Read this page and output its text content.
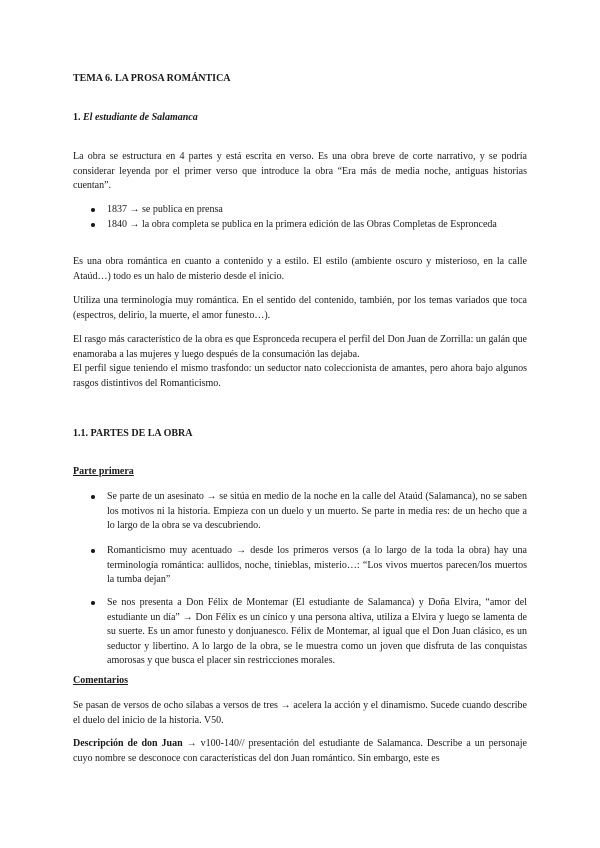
TEMA 6. LA PROSA ROMÁNTICA

1. El estudiante de Salamanca

La obra se estructura en 4 partes y está escrita en verso. Es una obra breve de corte narrativo, y se podría considerar leyenda por el primer verso que introduce la obra “Era más de media noche, antiguas historias cuentan”.

1837 → se publica en prensa
1840 → la obra completa se publica en la primera edición de las Obras Completas de Espronceda

Es una obra romántica en cuanto a contenido y a estilo. El estilo (ambiente oscuro y misterioso, en la calle Ataúd…) todo es un halo de misterio desde el inicio.

Utiliza una terminología muy romántica. En el sentido del contenido, también, por los temas variados que toca (espectros, delirio, la muerte, el amor funesto…).

El rasgo más característico de la obra es que Espronceda recupera el perfil del Don Juan de Zorrilla: un galán que enamoraba a las mujeres y luego después de la consumación las dejaba.

El perfil sigue teniendo el mismo trasfondo: un seductor nato coleccionista de amantes, pero ahora bajo algunos rasgos distintivos del Romanticismo.

1.1. PARTES DE LA OBRA

Parte primera

Se parte de un asesinato → se sitúa en medio de la noche en la calle del Ataúd (Salamanca), no se saben los motivos ni la historia. Empieza con un duelo y un muerto. Se parte in media res: de un hecho que a lo largo de la obra se va descubriendo.
Romanticismo muy acentuado → desde los primeros versos (a lo largo de la toda la obra) hay una terminología romántica: aullidos, noche, tinieblas, misterio…: “Los vivos muertos parecen/los muertos la tumba dejan”
Se nos presenta a Don Félix de Montemar (El estudiante de Salamanca) y Doña Elvira, “amor del estudiante un día” → Don Félix es un cínico y una persona altiva, utiliza a Elvira y luego se lamenta de su suerte. Es un amor funesto y donjuanesco. Félix de Montemar, al igual que el Don Juan clásico, es un seductor y libertino. A lo largo de la obra, se le muestra como un joven que disfruta de las conquistas amorosas y que busca el placer sin restricciones morales.

Comentarios

Se pasan de versos de ocho sílabas a versos de tres → acelera la acción y el dinamismo. Sucede cuando describe el duelo del inicio de la historia. V50.

Descripción de don Juan → v100-140// presentación del estudiante de Salamanca. Describe a un personaje cuyo nombre se desconoce con características del don Juan romántico. Sin embargo, este es
